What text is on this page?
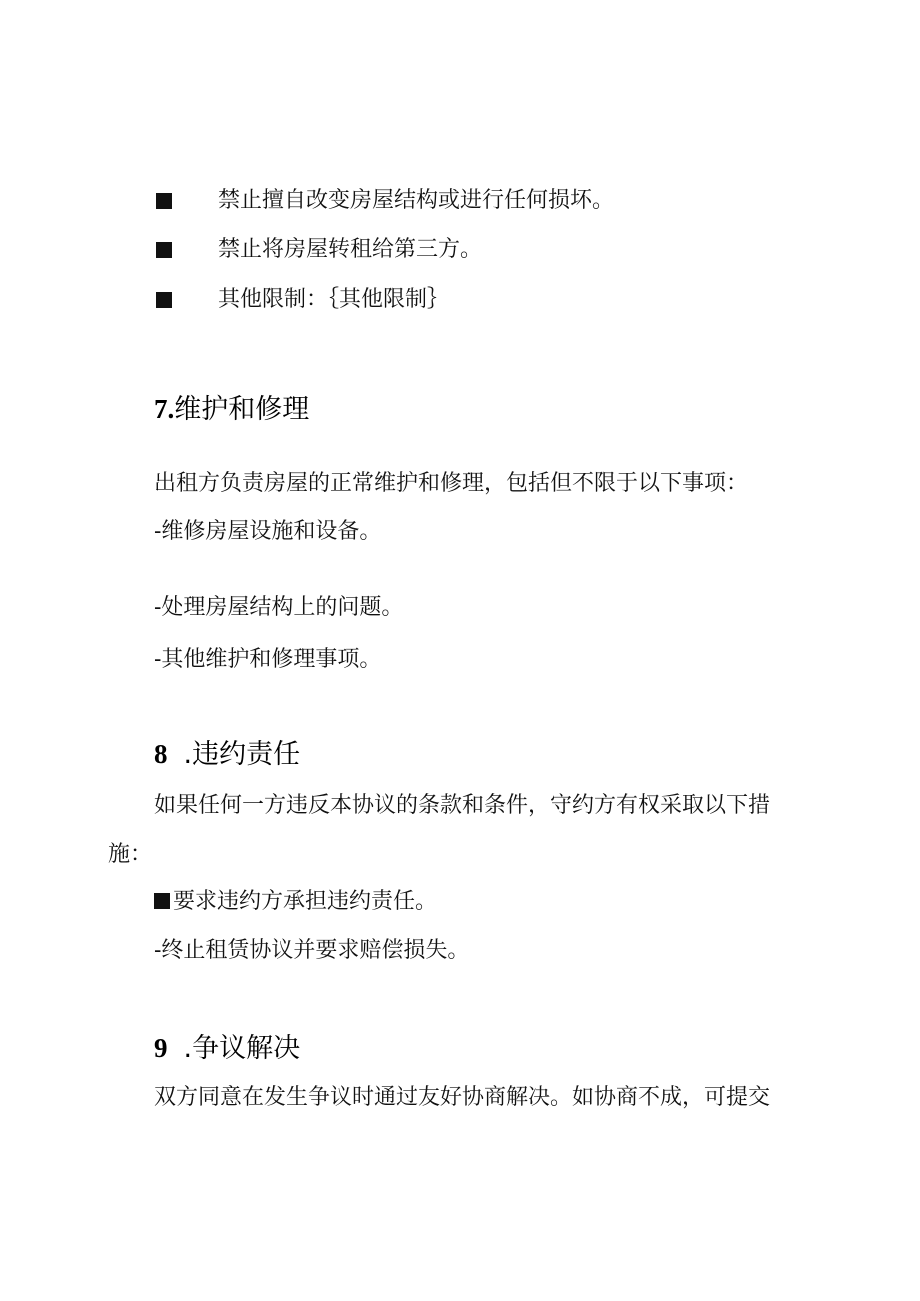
禁止擅自改变房屋结构或进行任何损坏。
禁止将房屋转租给第三方。
其他限制：｛其他限制｝
7.维护和修理
出租方负责房屋的正常维护和修理，包括但不限于以下事项：
-维修房屋设施和设备。
-处理房屋结构上的问题。
-其他维护和修理事项。
8 .违约责任
如果任何一方违反本协议的条款和条件，守约方有权采取以下措
施：
要求违约方承担违约责任。
-终止租赁协议并要求赔偿损失。
9 .争议解决
双方同意在发生争议时通过友好协商解决。如协商不成，可提交
